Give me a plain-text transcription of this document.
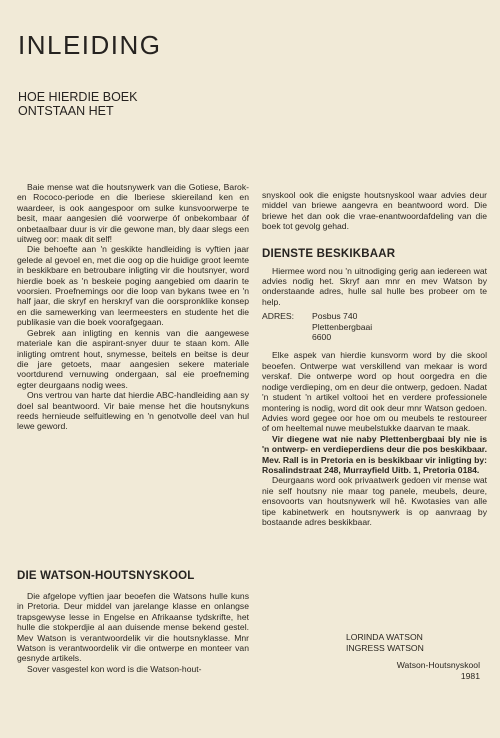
INLEIDING
HOE HIERDIE BOEK
ONTSTAAN HET

Baie mense wat die houtsnywerk van die Gotiese, Barok- en Rococo-periode en die Iberiese skiereiland ken en waardeer, is ook aangespoor om sulke kunsvoorwerpe te besit, maar aangesien dié voorwerpe óf onbekombaar óf onbetaalbaar duur is vir die gewone man, bly daar slegs een uitweg oor: maak dit self!

Die behoefte aan 'n geskikte handleiding is vyftien jaar gelede al gevoel en, met die oog op die huidige groot leemte in beskikbare en betroubare inligting vir die houtsnyer, word hierdie boek as 'n beskeie poging aangebied om daarin te voorsien. Proefnemings oor die loop van bykans twee en 'n half jaar, die skryf en herskryf van die oorspronklike konsep en die samewerking van leermeesters en studente het die publikasie van die boek voorafgegaan.

Gebrek aan inligting en kennis van die aangewese materiale kan die aspirant-snyer duur te staan kom. Alle inligting omtrent hout, snymesse, beitels en beitse is deur die jare getoets, maar aangesien sekere materiale voortdurend vernuwing ondergaan, sal eie proefneming egter deurgaans nodig wees.

Ons vertrou van harte dat hierdie ABC-handleiding aan sy doel sal beantwoord. Vir baie mense het die houtsnykuns reeds hernieude selfuitlewing en 'n genotvolle deel van hul lewe geword.

DIE WATSON-HOUTSNYSKOOL

Die afgelope vyftien jaar beoefen die Watsons hulle kuns in Pretoria. Deur middel van jarelange klasse en onlangse trapsgewyse lesse in Engelse en Afrikaanse tydskrifte, het hulle die stokperdjie al aan duisende mense bekend gestel. Mev Watson is verantwoordelik vir die houtsnyklasse. Mnr Watson is verantwoordelik vir die ontwerpe en monteer van gesnyde artikels.

Sover vasgestel kon word is die Watson-hout-

snyskool ook die enigste houtsnyskool waar advies deur middel van briewe aangevra en beantwoord word. Die briewe het dan ook die vrae-enantwoordafdeling van die boek tot gevolg gehad.

DIENSTE BESKIKBAAR

Hiermee word nou 'n uitnodiging gerig aan iedereen wat advies nodig het. Skryf aan mnr en mev Watson by onderstaande adres, hulle sal hulle bes probeer om te help.

ADRES:	Posbus 740
Plettenbergbaai
6600

Elke aspek van hierdie kunsvorm word by die skool beoefen. Ontwerpe wat verskillend van mekaar is word verskaf. Die ontwerpe word op hout oorgedra en die nodige verdieping, om en deur die ontwerp, gedoen. Nadat 'n student 'n artikel voltooi het en verdere professionele montering is nodig, word dit ook deur mnr Watson gedoen. Advies word gegee oor hoe om ou meubels te restoureer of om heeltemal nuwe meubelstukke daarvan te maak.

Vir diegene wat nie naby Plettenbergbaai bly nie is 'n ontwerp- en verdieperdiens deur die pos beskikbaar. Mev. Rall is in Pretoria en is beskikbaar vir inligting by: Rosalindstraat 248, Murrayfield Uitb. 1, Pretoria 0184.

Deurgaans word ook privaatwerk gedoen vir mense wat nie self houtsny nie maar tog panele, meubels, deure, ensovoorts van houtsnywerk wil hê. Kwotasies van alle tipe kabinetwerk en houtsnywerk is op aanvraag by bostaande adres beskikbaar.

LORINDA WATSON
INGRESS WATSON
Watson-Houtsnyskool
1981
